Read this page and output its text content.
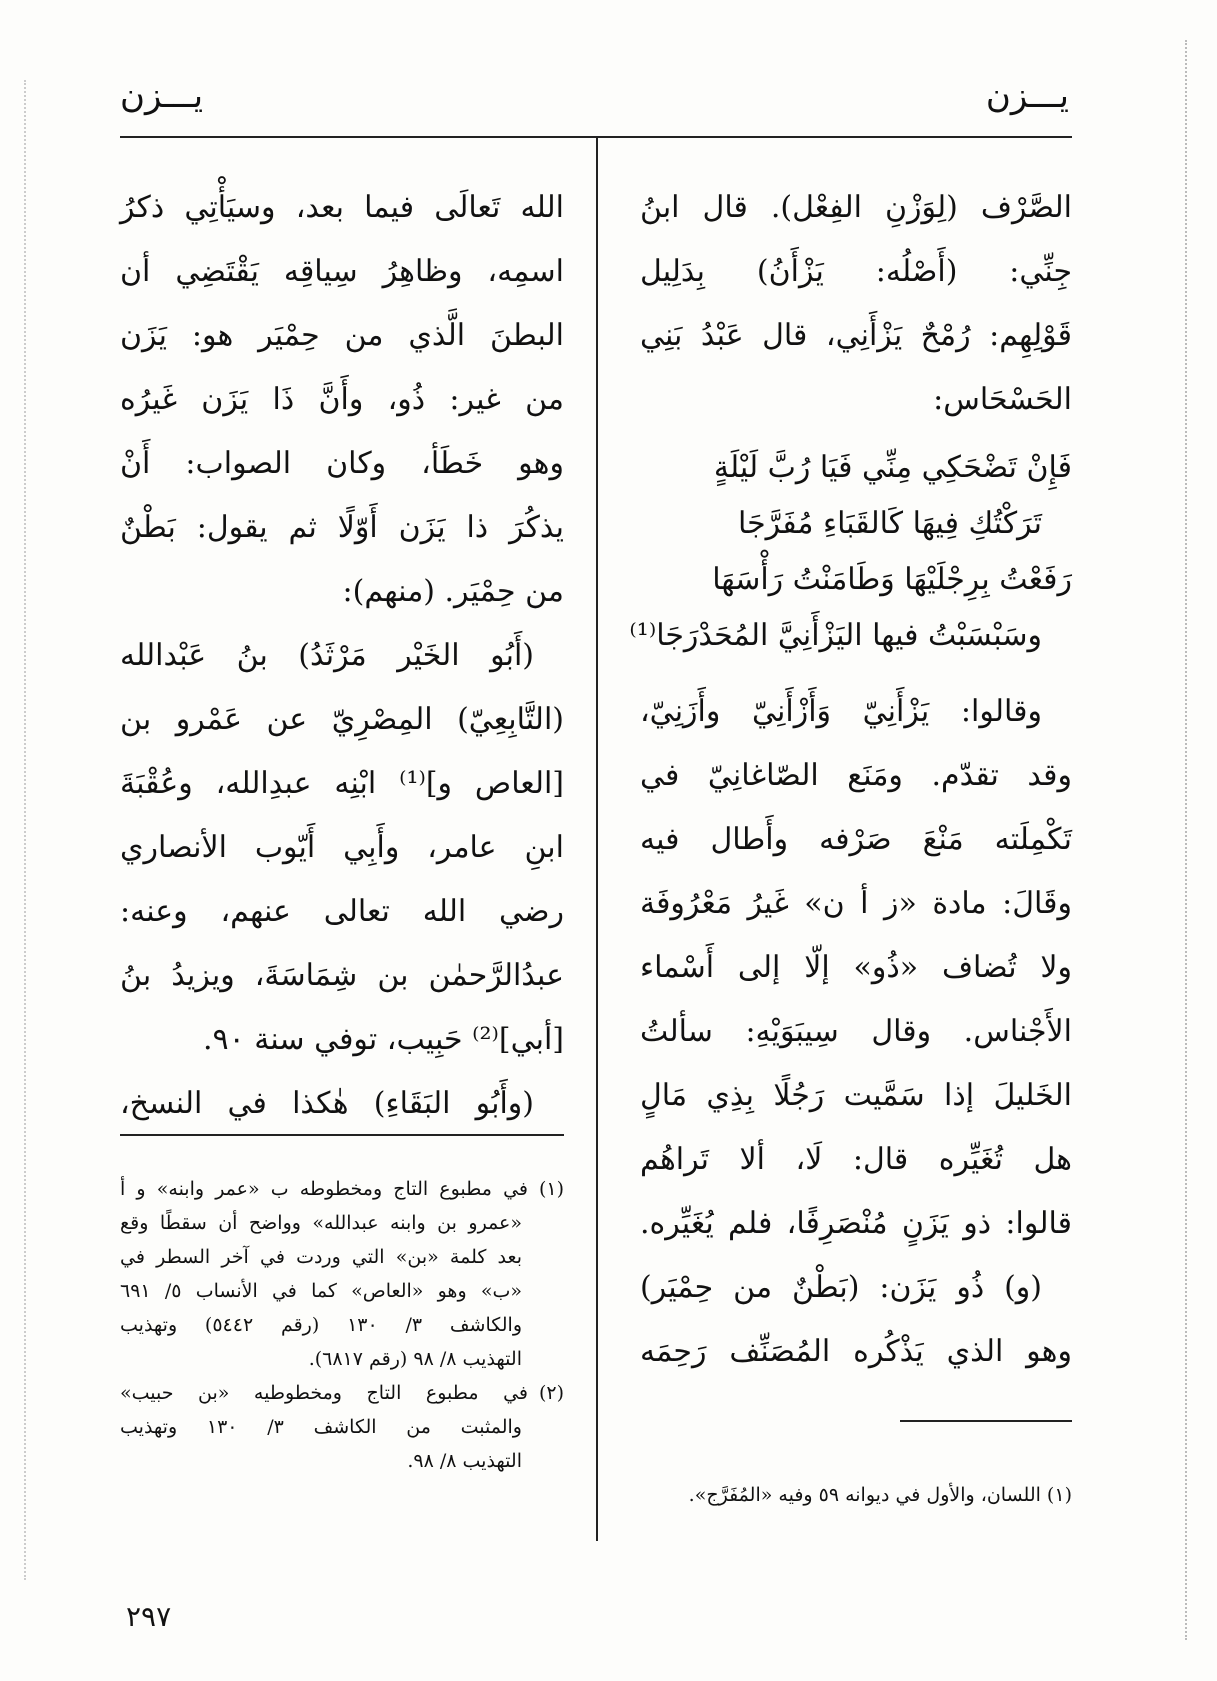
يـــزن
يـــزن
الصَّرْف (لِوَزْنِ الفِعْل). قال ابنُ
جِنِّي: (أَصْلُه: يَزْأَنُ) بِدَلِيل
قَوْلِهِم: رُمْحٌ يَزْأَنِي، قال عَبْدُ بَنِي
الحَسْحَاس:
فَإِنْ تَضْحَكِي مِنِّي فَيَا رُبَّ لَيْلَةٍ
تَرَكْتُكِ فِيهَا كَالقَبَاءِ مُفَرَّجَا
رَفَعْتُ بِرِجْلَيْهَا وَطَامَنْتُ رَأْسَهَا
وسَبْسَبْتُ فيها اليَزْأَنِيَّ المُحَدْرَجَا⁽¹⁾
وقالوا: يَزْأَنِيّ وَأَزْأَنِيّ وأَزَنِيّ،
وقد تقدّم. ومَنَع الصّاغانِيّ في
تَكْمِلَته مَنْعَ صَرْفه وأَطال فيه
وقَالَ: مادة «ز أ ن» غَيرُ مَعْرُوفَة
ولا تُضاف «ذُو» إلّا إلى أَسْماء
الأَجْناس. وقال سِيبَوَيْهِ: سألتُ
الخَليلَ إذا سَمَّيت رَجُلًا بِذِي مَالٍ
هل تُغَيِّره قال: لَا، ألا تَراهُم
قالوا: ذو يَزَنٍ مُنْصَرِفًا، فلم يُغَيِّره.
(و) ذُو يَزَن: (بَطْنٌ من حِمْيَر)
وهو الذي يَذْكُره المُصَنِّف رَحِمَه
(١) اللسان، والأول في ديوانه ٥٩ وفيه «المُفَرَّج».
الله تَعالَى فيما بعد، وسيَأْتِي ذكرُ
اسمِه، وظاهِرُ سِياقِه يَقْتَضِي أن
البطنَ الَّذي من حِمْيَر هو: يَزَن
من غير: ذُو، وأَنَّ ذَا يَزَن غَيرُه
وهو خَطَأ، وكان الصواب: أَنْ
يذكُرَ ذا يَزَن أَوّلًا ثم يقول: بَطْنٌ
من حِمْيَر. (منهم):
(أَبُو الخَيْر مَرْثَدُ) بنُ عَبْدالله
(التَّابِعِيّ) المِصْرِيّ عن عَمْرو بن
[العاص و]⁽¹⁾ ابْنِه عبدِالله، وعُقْبَةَ
ابنِ عامر، وأَبِي أَيّوب الأنصاري
رضي الله تعالى عنهم، وعنه:
عبدُالرَّحمٰن بن شِمَاسَةَ، ويزيدُ بنُ
[أبي]⁽²⁾ حَبِيب، توفي سنة ٩٠.
(وأَبُو البَقَاءِ) هٰكذا في النسخ،
(١)في مطبوع التاج ومخطوطه ب «عمر وابنه» و أ
«عمرو بن وابنه عبدالله» وواضح أن سقطًا وقع
بعد كلمة «بن» التي وردت في آخر السطر في
«ب» وهو «العاص» كما في الأنساب ٥/ ٦٩١
والكاشف ٣/ ١٣٠ (رقم ٥٤٤٢) وتهذيب
التهذيب ٨/ ٩٨ (رقم ٦٨١٧).
(٢)في مطبوع التاج ومخطوطيه «بن حبيب»
والمثبت من الكاشف ٣/ ١٣٠ وتهذيب
التهذيب ٨/ ٩٨.
٢٩٧
